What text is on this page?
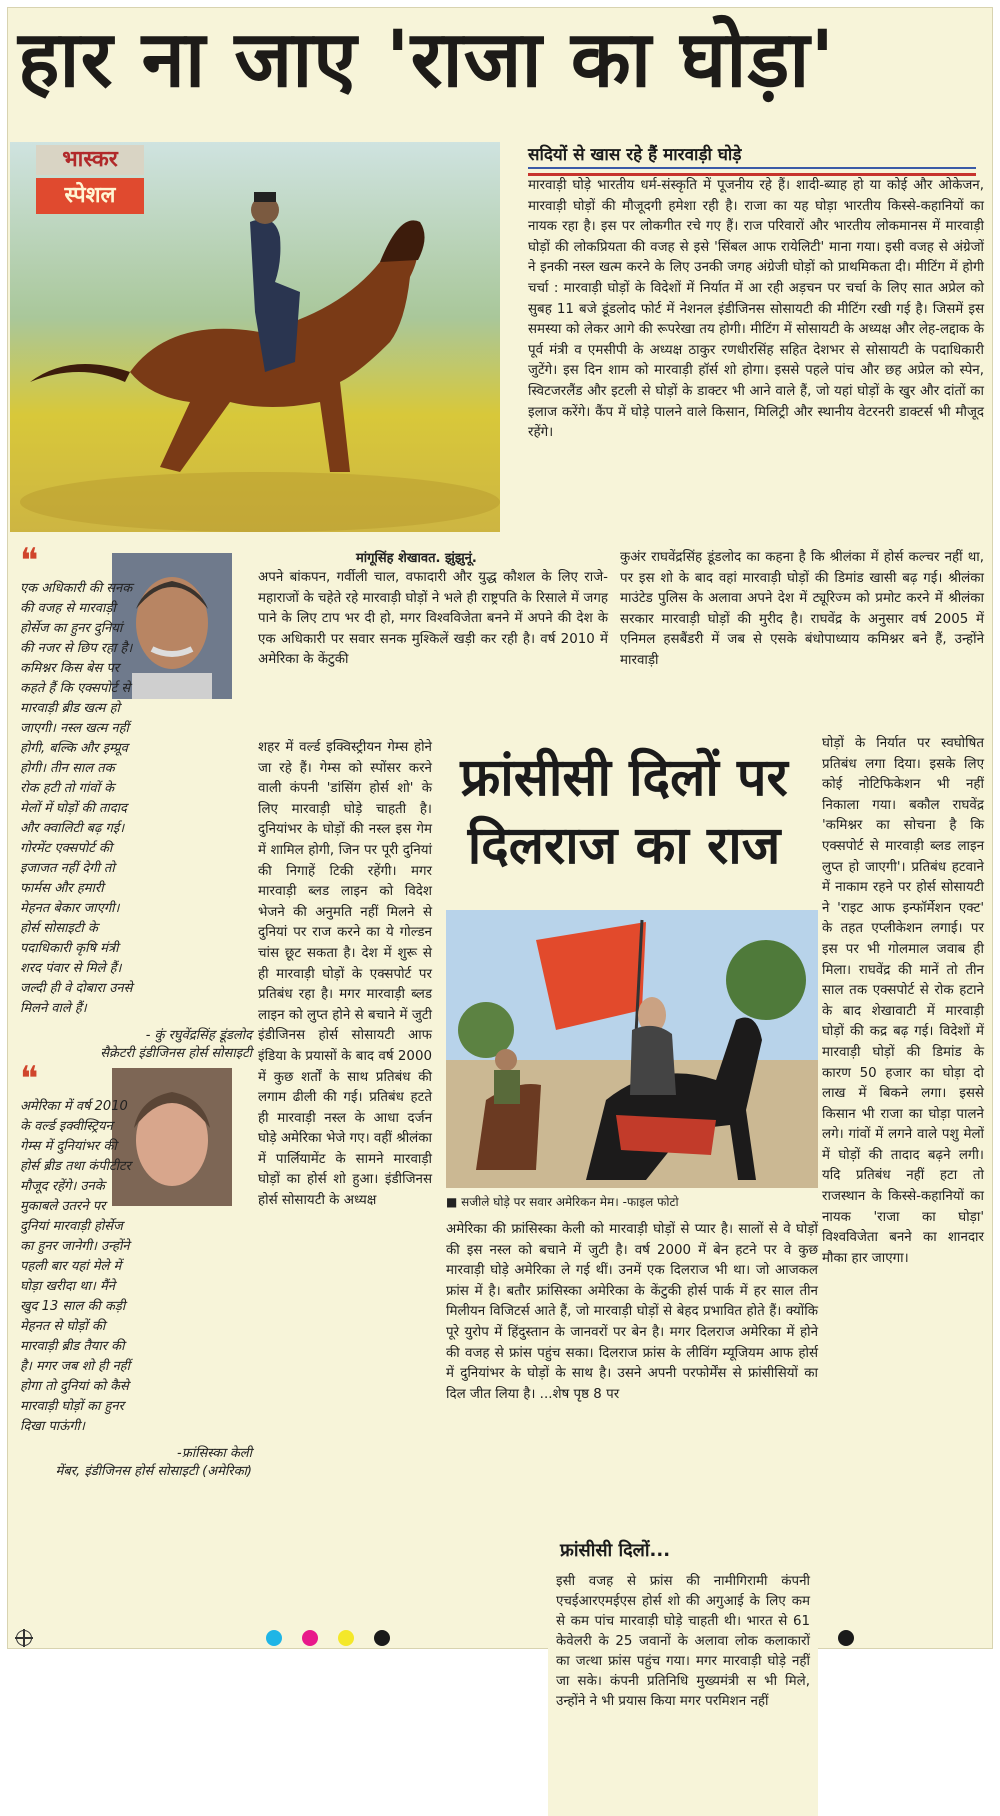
हार ना जाए 'राजा का घोड़ा'
भास्कर
स्पेशल
सदियों से खास रहे हैं मारवाड़ी घोड़े
मारवाड़ी घोड़े भारतीय धर्म-संस्कृति में पूजनीय रहे हैं। शादी-ब्याह हो या कोई और ओकेजन, मारवाड़ी घोड़ों की मौजूदगी हमेशा रही है। राजा का यह घोड़ा भारतीय किस्से-कहानियों का नायक रहा है। इस पर लोकगीत रचे गए हैं। राज परिवारों और भारतीय लोकमानस में मारवाड़ी घोड़ों की लोकप्रियता की वजह से इसे 'सिंबल आफ रायेलिटी' माना गया। इसी वजह से अंग्रेजों ने इनकी नस्ल खत्म करने के लिए उनकी जगह अंग्रेजी घोड़ों को प्राथमिकता दी। मीटिंग में होगी चर्चा : मारवाड़ी घोड़ों के विदेशों में निर्यात में आ रही अड़चन पर चर्चा के लिए सात अप्रेल को सुबह 11 बजे डूंडलोद फोर्ट में नेशनल इंडीजिनस सोसायटी की मीटिंग रखी गई है। जिसमें इस समस्या को लेकर आगे की रूपरेखा तय होगी। मीटिंग में सोसायटी के अध्यक्ष और लेह-लद्दाक के पूर्व मंत्री व एमसीपी के अध्यक्ष ठाकुर रणधीरसिंह सहित देशभर से सोसायटी के पदाधिकारी जुटेंगे। इस दिन शाम को मारवाड़ी हॉर्स शो होगा। इससे पहले पांच और छह अप्रेल को स्पेन, स्विटजरलैंड और इटली से घोड़ों के डाक्टर भी आने वाले हैं, जो यहां घोड़ों के खुर और दांतों का इलाज करेंगे। कैंप में घोड़े पालने वाले किसान, मिलिट्री और स्थानीय वेटरनरी डाक्टर्स भी मौजूद रहेंगे।
❝
एक अधिकारी की सनक की वजह से मारवाड़ी होर्सेज का हुनर दुनियां की नजर से छिप रहा है। कमिश्नर किस बेस पर कहते हैं कि एक्सपोर्ट से मारवाड़ी ब्रीड खत्म हो जाएगी। नस्ल खत्म नहीं होगी, बल्कि और इम्प्रूव होगी। तीन साल तक रोक हटी तो गांवों के मेलों में घोड़ों की तादाद और क्वालिटी बढ़ गई। गोरमेंट एक्सपोर्ट की इजाजत नहीं देगी तो फार्मस और हमारी मेहनत बेकार जाएगी। होर्स सोसाइटी के पदाधिकारी कृषि मंत्री शरद पंवार से मिले हैं। जल्दी ही वे दोबारा उनसे मिलने वाले हैं।
- कुं रघुवेंद्रसिंह डूंडलोद
सैक्रेटरी इंडीजिनस होर्स सोसाइटी
❝
अमेरिका में वर्ष 2010 के वर्ल्ड इक्वीस्ट्रियन गेम्स में दुनियांभर की होर्स ब्रीड तथा कंपीटीटर मौजूद रहेंगे। उनके मुकाबले उतरने पर दुनियां मारवाड़ी होर्सेज का हुनर जानेगी। उन्होंने पहली बार यहां मेले में घोड़ा खरीदा था। मैंने खुद 13 साल की कड़ी मेहनत से घोड़ों की मारवाड़ी ब्रीड तैयार की है। मगर जब शो ही नहीं होगा तो दुनियां को कैसे मारवाड़ी घोड़ों का हुनर दिखा पाऊंगी।
-फ्रांसिस्का केली
मेंबर, इंडीजिनस होर्स सोसाइटी (अमेरिका)
मांगूसिंह शेखावत. झुंझुनूं.
अपने बांकपन, गर्वीली चाल, वफादारी और युद्ध कौशल के लिए राजे-महाराजों के चहेते रहे मारवाड़ी घोड़ों ने भले ही राष्ट्रपति के रिसाले में जगह पाने के लिए टाप भर दी हो, मगर विश्वविजेता बनने में अपने की देश के एक अधिकारी पर सवार सनक मुश्किलें खड़ी कर रही है। वर्ष 2010 में अमेरिका के केंटुकी
शहर में वर्ल्ड इक्विस्ट्रीयन गेम्स होने जा रहे हैं। गेम्स को स्पोंसर करने वाली कंपनी 'डांसिंग होर्स शो' के लिए मारवाड़ी घोड़े चाहती है। दुनियांभर के घोड़ों की नस्ल इस गेम में शामिल होगी, जिन पर पूरी दुनियां की निगाहें टिकी रहेंगी। मगर मारवाड़ी ब्लड लाइन को विदेश भेजने की अनुमति नहीं मिलने से दुनियां पर राज करने का ये गोल्डन चांस छूट सकता है। देश में शुरू से ही मारवाड़ी घोड़ों के एक्सपोर्ट पर प्रतिबंध रहा है। मगर मारवाड़ी ब्लड लाइन को लुप्त होने से बचाने में जुटी इंडीजिनस होर्स सोसायटी आफ इंडिया के प्रयासों के बाद वर्ष 2000 में कुछ शर्तों के साथ प्रतिबंध की लगाम ढीली की गई। प्रतिबंध हटते ही मारवाड़ी नस्ल के आधा दर्जन घोड़े अमेरिका भेजे गए। वहीं श्रीलंका में पार्लियामेंट के सामने मारवाड़ी घोड़ों का होर्स शो हुआ। इंडीजिनस होर्स सोसायटी के अध्यक्ष
कुअंर राघवेंद्रसिंह डूंडलोद का कहना है कि श्रीलंका में होर्स कल्चर नहीं था, पर इस शो के बाद वहां मारवाड़ी घोड़ों की डिमांड खासी बढ़ गई। श्रीलंका माउंटेड पुलिस के अलावा अपने देश में ट्यूरिज्म को प्रमोट करने में श्रीलंका सरकार मारवाड़ी घोड़ों की मुरीद है। राघवेंद्र के अनुसार वर्ष 2005 में एनिमल हसबैंडरी में जब से एसके बंधोपाध्याय कमिश्नर बने हैं, उन्होंने मारवाड़ी
घोड़ों के निर्यात पर स्वघोषित प्रतिबंध लगा दिया। इसके लिए कोई नोटिफिकेशन भी नहीं निकाला गया। बकौल राघवेंद्र 'कमिश्नर का सोचना है कि एक्सपोर्ट से मारवाड़ी ब्लड लाइन लुप्त हो जाएगी'। प्रतिबंध हटवाने में नाकाम रहने पर होर्स सोसायटी ने 'राइट आफ इन्फॉर्मेशन एक्ट' के तहत एप्लीकेशन लगाई। पर इस पर भी गोलमाल जवाब ही मिला। राघवेंद्र की मानें तो तीन साल तक एक्सपोर्ट से रोक हटाने के बाद शेखावाटी में मारवाड़ी घोड़ों की कद्र बढ़ गई। विदेशों में मारवाड़ी घोड़ों की डिमांड के कारण 50 हजार का घोड़ा दो लाख में बिकने लगा। इससे किसान भी राजा का घोड़ा पालने लगे। गांवों में लगने वाले पशु मेलों में घोड़ों की तादाद बढ़ने लगी। यदि प्रतिबंध नहीं हटा तो राजस्थान के किस्से-कहानियों का नायक 'राजा का घोड़ा' विश्वविजेता बनने का शानदार मौका हार जाएगा।
फ्रांसीसी दिलों पर
दिलराज का राज
■ सजीले घोड़े पर सवार अमेरिकन मेम। -फाइल फोटो
अमेरिका की फ्रांसिस्का केली को मारवाड़ी घोड़ों से प्यार है। सालों से वे घोड़ों की इस नस्ल को बचाने में जुटी है। वर्ष 2000 में बेन हटने पर वे कुछ मारवाड़ी घोड़े अमेरिका ले गई थीं। उनमें एक दिलराज भी था। जो आजकल फ्रांस में है। बतौर फ्रांसिस्का अमेरिका के केंटुकी होर्स पार्क में हर साल तीन मिलीयन विजिटर्स आते हैं, जो मारवाड़ी घोड़ों से बेहद प्रभावित होते हैं। क्योंकि पूरे युरोप में हिंदुस्तान के जानवरों पर बेन है। मगर दिलराज अमेरिका में होने की वजह से फ्रांस पहुंच सका। दिलराज फ्रांस के लीविंग म्यूजियम आफ होर्स में दुनियांभर के घोड़ों के साथ है। उसने अपनी परफोर्मेंस से फ्रांसीसियों का दिल जीत लिया है। ...शेष पृष्ठ 8 पर
फ्रांसीसी दिलों...
इसी वजह से फ्रांस की नामीगिरामी कंपनी एचईआरएमईएस होर्स शो की अगुआई के लिए कम से कम पांच मारवाड़ी घोड़े चाहती थी। भारत से 61 केवेलरी के 25 जवानों के अलावा लोक कलाकारों का जत्था फ्रांस पहुंच गया। मगर मारवाड़ी घोड़े नहीं जा सके। कंपनी प्रतिनिधि मुख्यमंत्री स भी मिले, उन्होंने ने भी प्रयास किया मगर परमिशन नहीं
